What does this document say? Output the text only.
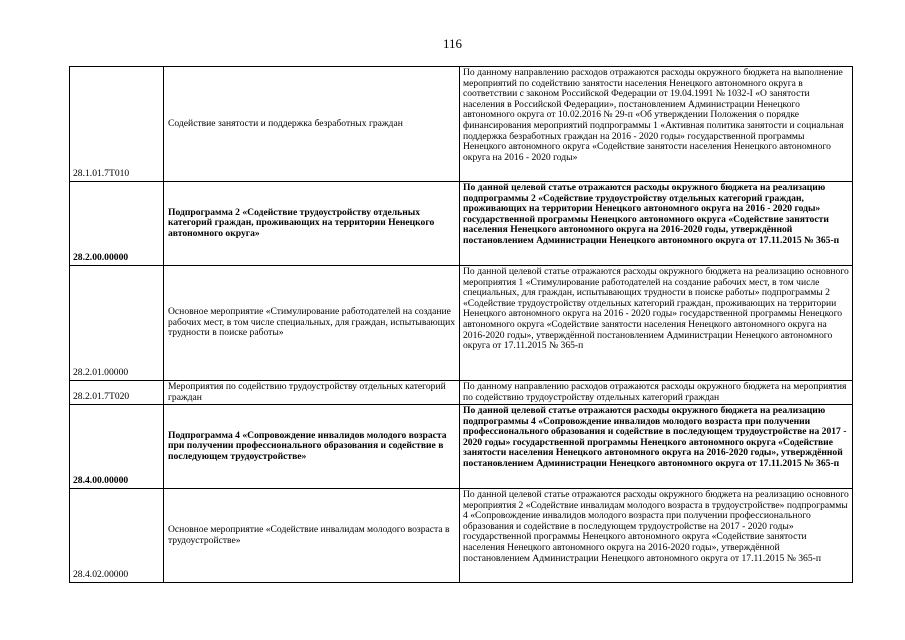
116
28.1.01.7Т010	Содействие занятости и поддержка безработных граждан	По данному направлению расходов отражаются расходы окружного бюджета на выполнение мероприятий по содействию занятости населения Ненецкого автономного округа в соответствии с законом Российской Федерации от 19.04.1991 № 1032-I «О занятости населения в Российской Федерации», постановлением Администрации Ненецкого автономного округа от 10.02.2016 № 29-п «Об утверждении Положения о порядке финансирования мероприятий подпрограммы 1 «Активная политика занятости и социальная поддержка безработных граждан на 2016 - 2020 годы» государственной программы Ненецкого автономного округа «Содействие занятости населения Ненецкого автономного округа на 2016 - 2020 годы»
28.2.00.00000	Подпрограмма 2 «Содействие трудоустройству отдельных категорий граждан, проживающих на территории Ненецкого автономного округа»	По данной целевой статье отражаются расходы окружного бюджета на реализацию подпрограммы 2 «Содействие трудоустройству отдельных категорий граждан, проживающих на территории Ненецкого автономного округа на 2016 - 2020 годы» государственной программы Ненецкого автономного округа «Содействие занятости населения Ненецкого автономного округа на 2016-2020 годы, утверждённой постановлением Администрации Ненецкого автономного округа от 17.11.2015 № 365-п
28.2.01.00000	Основное мероприятие «Стимулирование работодателей на создание рабочих мест, в том числе специальных, для граждан, испытывающих трудности в поиске работы»	По данной целевой статье отражаются расходы окружного бюджета на реализацию основного мероприятия 1 «Стимулирование работодателей на создание рабочих мест, в том числе специальных, для граждан, испытывающих трудности в поиске работы» подпрограммы 2 «Содействие трудоустройству отдельных категорий граждан, проживающих на территории Ненецкого автономного округа на 2016 - 2020 годы» государственной программы Ненецкого автономного округа «Содействие занятости населения Ненецкого автономного округа на 2016-2020 годы», утверждённой постановлением Администрации Ненецкого автономного округа от 17.11.2015 № 365-п
28.2.01.7Т020	Мероприятия по содействию трудоустройству отдельных категорий граждан	По данному направлению расходов отражаются расходы окружного бюджета на мероприятия по содействию трудоустройству отдельных категорий граждан
28.4.00.00000	Подпрограмма 4 «Сопровождение инвалидов молодого возраста при получении профессионального образования и содействие в последующем трудоустройстве»	По данной целевой статье отражаются расходы окружного бюджета на реализацию подпрограммы 4 «Сопровождение инвалидов молодого возраста при получении профессионального образования и содействие в последующем трудоустройстве на 2017 - 2020 годы» государственной программы Ненецкого автономного округа «Содействие занятости населения Ненецкого автономного округа на 2016-2020 годы», утверждённой постановлением Администрации Ненецкого автономного округа от 17.11.2015 № 365-п
28.4.02.00000	Основное мероприятие «Содействие инвалидам молодого возраста в трудоустройстве»	По данной целевой статье отражаются расходы окружного бюджета на реализацию основного мероприятия 2 «Содействие инвалидам молодого возраста в трудоустройстве» подпрограммы 4 «Сопровождение инвалидов молодого возраста при получении профессионального образования и содействие в последующем трудоустройстве на 2017 - 2020 годы» государственной программы Ненецкого автономного округа «Содействие занятости населения Ненецкого автономного округа на 2016-2020 годы», утверждённой постановлением Администрации Ненецкого автономного округа от 17.11.2015 № 365-п
